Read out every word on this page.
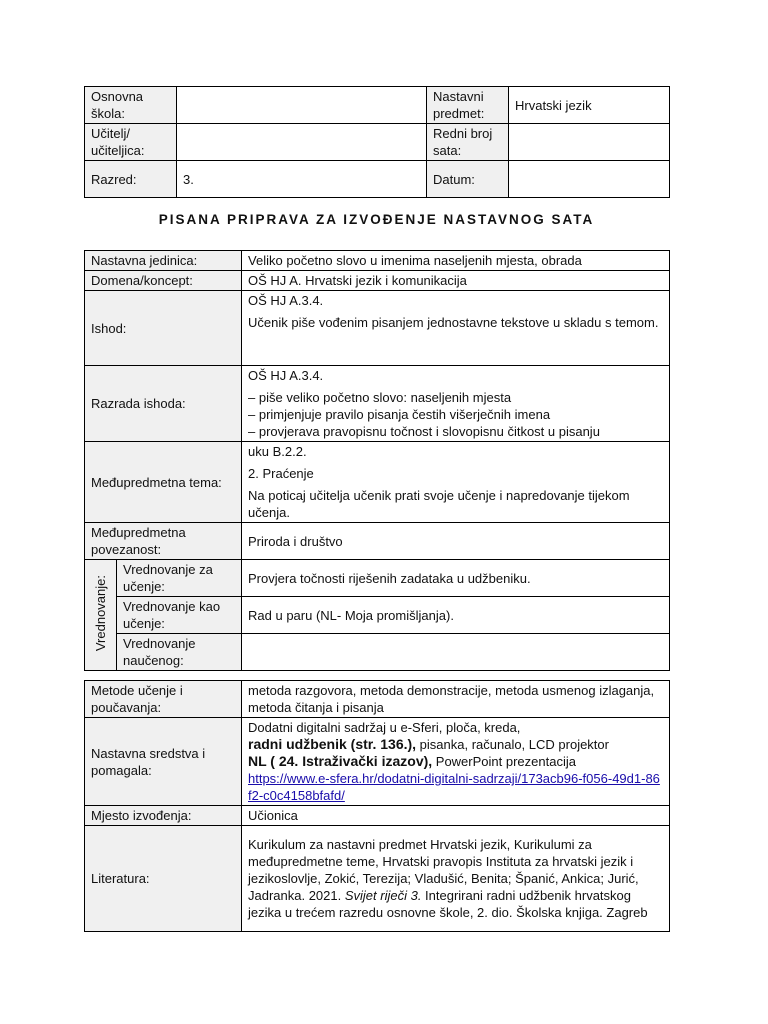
Osnovna škola:		Nastavni predmet:	Hrvatski jezik
Učitelj/ učiteljica:		Redni broj sata:	
Razred:	3.	Datum:	
PISANA PRIPRAVA ZA IZVOĐENJE NASTAVNOG SATA
Nastavna jedinica:		Veliko početno slovo u imenima naseljenih mjesta, obrada
Domena/koncept:		OŠ HJ A. Hrvatski jezik i komunikacija
Ishod:		OŠ HJ A.3.4.
Učenik piše vođenim pisanjem jednostavne tekstove u skladu s temom.

Razrada ishoda:		OŠ HJ A.3.4.
– piše veliko početno slovo: naseljenih mjesta
– primjenjuje pravilo pisanja čestih višerječnih imena
– provjerava pravopisnu točnost i slovopisnu čitkost u pisanju

Međupredmetna tema:		uku B.2.2.
2. Praćenje
Na poticaj učitelja učenik prati svoje učenje i napredovanje tijekom učenja.

Međupredmetna povezanost:		Priroda i društvo
Vrednovanje:	Vrednovanje za učenje:	Provjera točnosti riješenih zadataka u udžbeniku.
	Vrednovanje kao učenje:	Rad u paru (NL- Moja promišljanja).
	Vrednovanje naučenog:	
Metode učenje i poučavanja:	metoda razgovora, metoda demonstracije, metoda usmenog izlaganja, metoda čitanja i pisanja
Nastavna sredstva i pomagala:	Dodatni digitalni sadržaj u e-Sferi, ploča, kreda,
radni udžbenik (str. 136.), pisanka, računalo, LCD projektor
NL ( 24. Istraživački izazov), PowerPoint prezentacija
https://www.e-sfera.hr/dodatni-digitalni-sadrzaji/173acb96-f056-49d1-86f2-c0c4158bfafd/

Mjesto izvođenja:	Učionica
Literatura:	Kurikulum za nastavni predmet Hrvatski jezik, Kurikulumi za međupredmetne teme, Hrvatski pravopis Instituta za hrvatski jezik i jezikoslovlje, Zokić, Terezija; Vladušić, Benita; Španić, Ankica; Jurić, Jadranka. 2021. Svijet riječi 3. Integrirani radni udžbenik hrvatskog jezika u trećem razredu osnovne škole, 2. dio. Školska knjiga. Zagreb
